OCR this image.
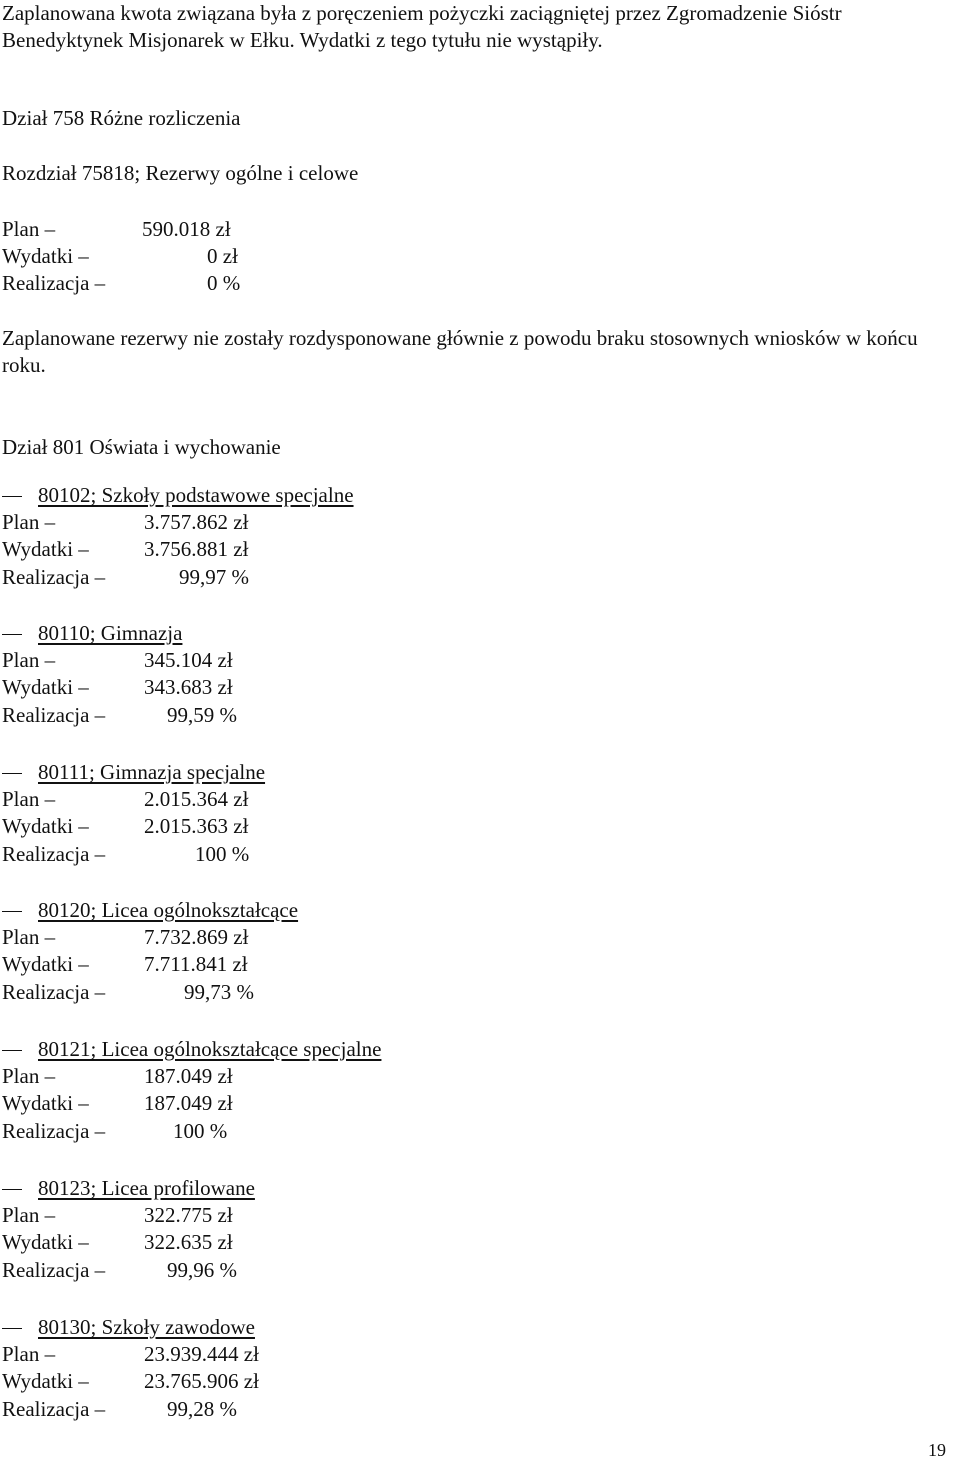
Zaplanowana kwota związana była z poręczeniem pożyczki zaciągniętej przez Zgromadzenie Sióstr Benedyktynek Misjonarek w Ełku. Wydatki z tego tytułu nie wystąpiły.
Dział 758 Różne rozliczenia
Rozdział 75818; Rezerwy ogólne i celowe
Plan –	590.018 zł
Wydatki –	0 zł
Realizacja –	0 %
Zaplanowane rezerwy nie zostały rozdysponowane głównie z powodu braku stosownych wniosków w końcu roku.
Dział 801 Oświata i wychowanie
80102; Szkoły podstawowe specjalne
Plan –	3.757.862 zł
Wydatki –	3.756.881 zł
Realizacja –	99,97 %
80110; Gimnazja
Plan –	345.104 zł
Wydatki –	343.683 zł
Realizacja –	99,59 %
80111; Gimnazja specjalne
Plan –	2.015.364 zł
Wydatki –	2.015.363 zł
Realizacja –	100 %
80120; Licea ogólnokształcące
Plan –	7.732.869 zł
Wydatki –	7.711.841 zł
Realizacja –	99,73 %
80121; Licea ogólnokształcące specjalne
Plan –	187.049 zł
Wydatki –	187.049 zł
Realizacja –	100 %
80123; Licea profilowane
Plan –	322.775 zł
Wydatki –	322.635 zł
Realizacja –	99,96 %
80130; Szkoły zawodowe
Plan –	23.939.444 zł
Wydatki –	23.765.906 zł
Realizacja –	99,28 %
19
